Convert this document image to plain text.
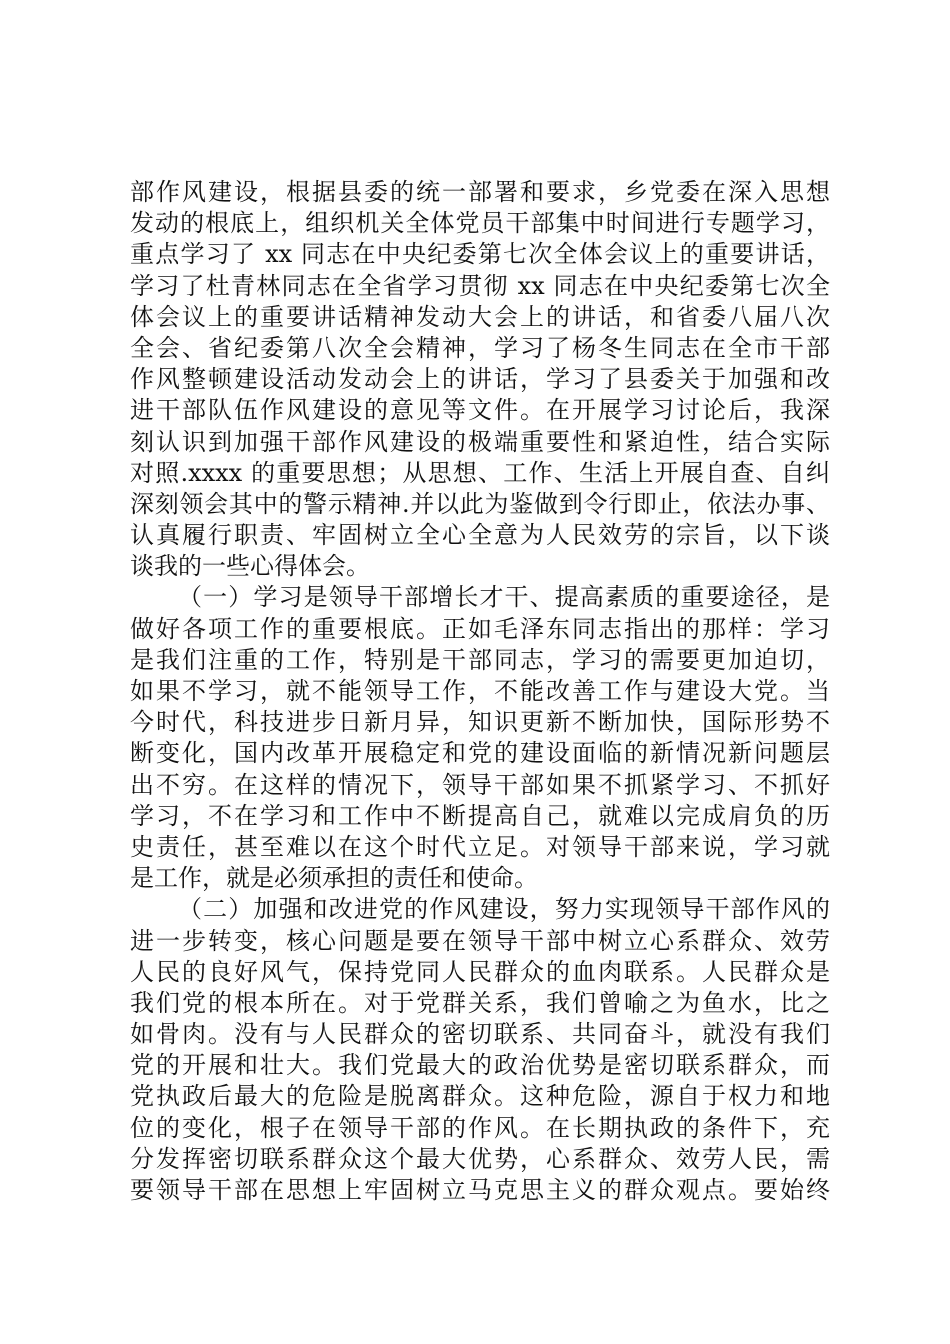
部作风建设，根据县委的统一部署和要求，乡党委在深入思想
发动的根底上，组织机关全体党员干部集中时间进行专题学习，
重点学习了 xx 同志在中央纪委第七次全体会议上的重要讲话，
学习了杜青林同志在全省学习贯彻 xx 同志在中央纪委第七次全
体会议上的重要讲话精神发动大会上的讲话，和省委八届八次
全会、省纪委第八次全会精神，学习了杨冬生同志在全市干部
作风整顿建设活动发动会上的讲话，学习了县委关于加强和改
进干部队伍作风建设的意见等文件。在开展学习讨论后，我深
刻认识到加强干部作风建设的极端重要性和紧迫性，结合实际
对照.xxxx 的重要思想；从思想、工作、生活上开展自查、自纠
深刻领会其中的警示精神.并以此为鉴做到令行即止，依法办事、
认真履行职责、牢固树立全心全意为人民效劳的宗旨，以下谈
谈我的一些心得体会。
（一）学习是领导干部增长才干、提高素质的重要途径，是
做好各项工作的重要根底。正如毛泽东同志指出的那样：学习
是我们注重的工作，特别是干部同志，学习的需要更加迫切，
如果不学习，就不能领导工作，不能改善工作与建设大党。当
今时代，科技进步日新月异，知识更新不断加快，国际形势不
断变化，国内改革开展稳定和党的建设面临的新情况新问题层
出不穷。在这样的情况下，领导干部如果不抓紧学习、不抓好
学习，不在学习和工作中不断提高自己，就难以完成肩负的历
史责任，甚至难以在这个时代立足。对领导干部来说，学习就
是工作，就是必须承担的责任和使命。
（二）加强和改进党的作风建设，努力实现领导干部作风的
进一步转变，核心问题是要在领导干部中树立心系群众、效劳
人民的良好风气，保持党同人民群众的血肉联系。人民群众是
我们党的根本所在。对于党群关系，我们曾喻之为鱼水，比之
如骨肉。没有与人民群众的密切联系、共同奋斗，就没有我们
党的开展和壮大。我们党最大的政治优势是密切联系群众，而
党执政后最大的危险是脱离群众。这种危险，源自于权力和地
位的变化，根子在领导干部的作风。在长期执政的条件下，充
分发挥密切联系群众这个最大优势，心系群众、效劳人民，需
要领导干部在思想上牢固树立马克思主义的群众观点。要始终
